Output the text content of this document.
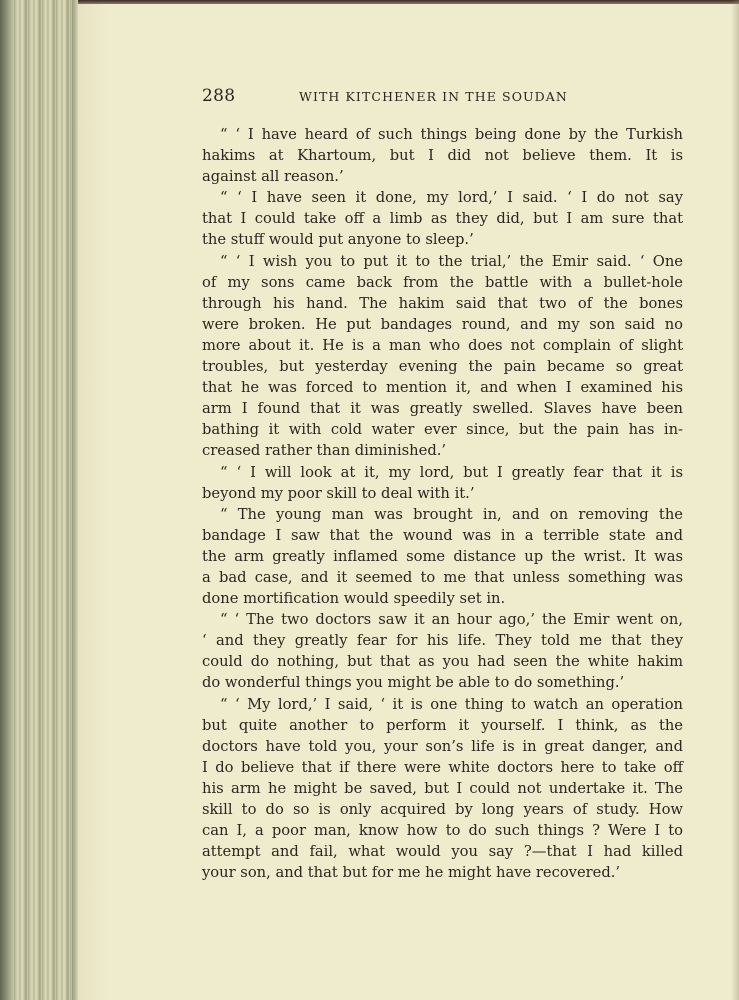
288	WITH KITCHENER IN THE SOUDAN
“ ‘ I have heard of such things being done by the Turkish
hakims at Khartoum, but I did not believe them. It is
against all reason.’
“ ‘ I have seen it done, my lord,’ I said. ‘ I do not say
that I could take off a limb as they did, but I am sure that
the stuff would put anyone to sleep.’
“ ‘ I wish you to put it to the trial,’ the Emir said. ‘ One
of my sons came back from the battle with a bullet-hole
through his hand. The hakim said that two of the bones
were broken. He put bandages round, and my son said no
more about it. He is a man who does not complain of slight
troubles, but yesterday evening the pain became so great
that he was forced to mention it, and when I examined his
arm I found that it was greatly swelled. Slaves have been
bathing it with cold water ever since, but the pain has in-
creased rather than diminished.’
“ ‘ I will look at it, my lord, but I greatly fear that it is
beyond my poor skill to deal with it.’
“ The young man was brought in, and on removing the
bandage I saw that the wound was in a terrible state and
the arm greatly inflamed some distance up the wrist. It was
a bad case, and it seemed to me that unless something was
done mortification would speedily set in.
“ ‘ The two doctors saw it an hour ago,’ the Emir went on,
‘ and they greatly fear for his life. They told me that they
could do nothing, but that as you had seen the white hakim
do wonderful things you might be able to do something.’
“ ‘ My lord,’ I said, ‘ it is one thing to watch an operation
but quite another to perform it yourself. I think, as the
doctors have told you, your son’s life is in great danger, and
I do believe that if there were white doctors here to take off
his arm he might be saved, but I could not undertake it. The
skill to do so is only acquired by long years of study. How
can I, a poor man, know how to do such things ? Were I to
attempt and fail, what would you say ?—that I had killed
your son, and that but for me he might have recovered.’
